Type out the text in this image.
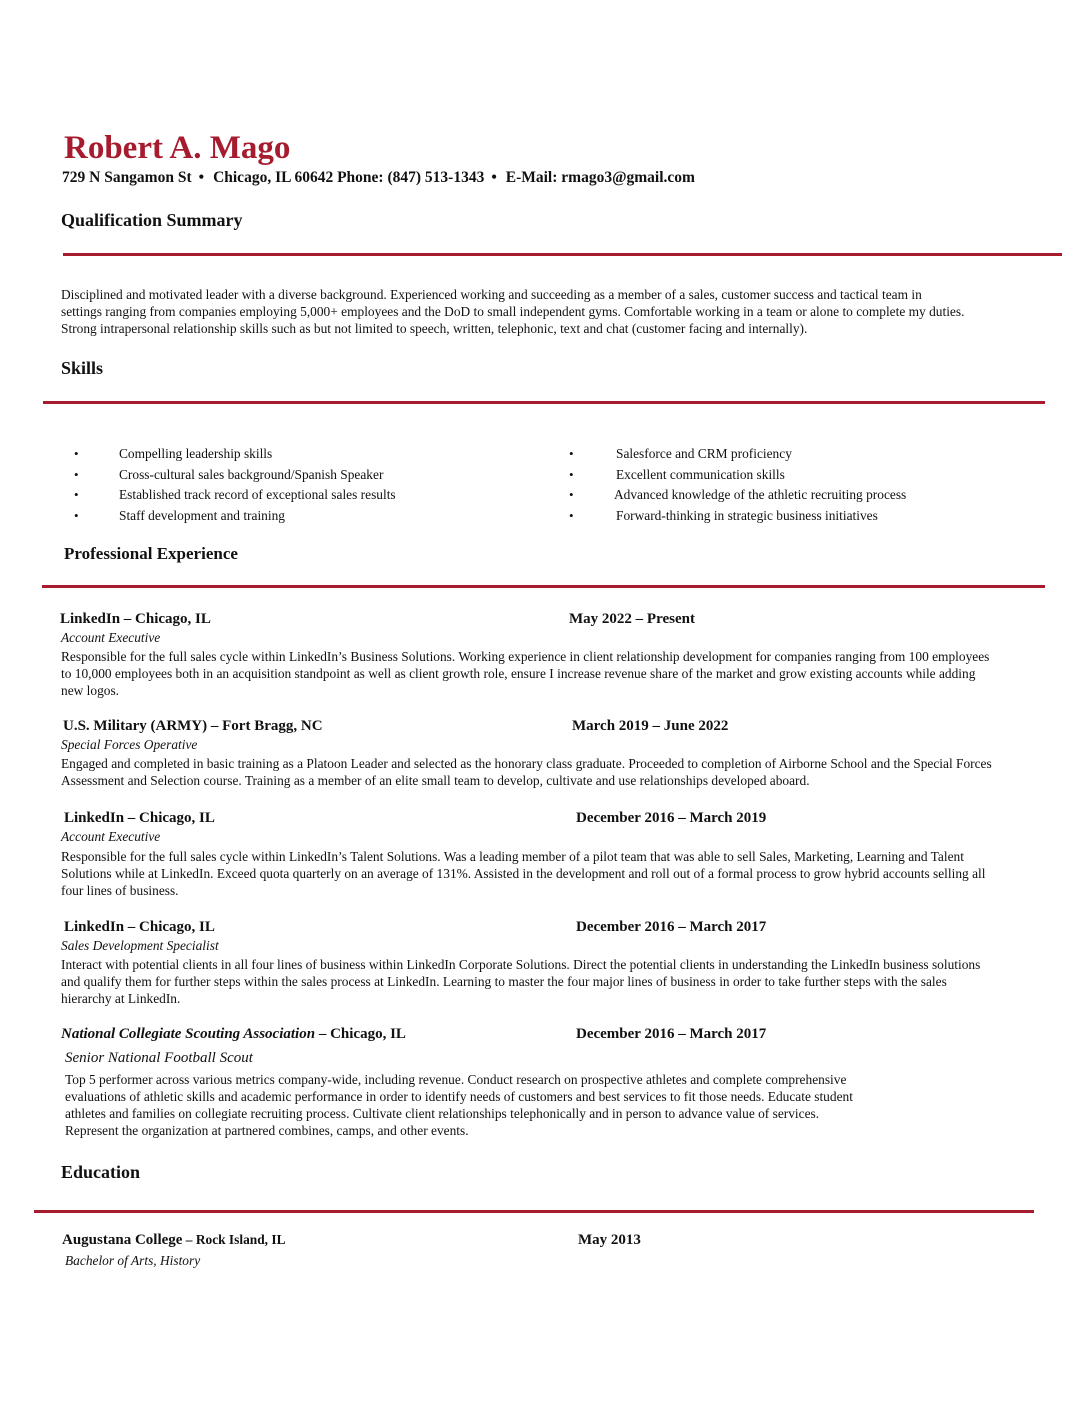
Robert A. Mago
729 N Sangamon St • Chicago, IL 60642 Phone: (847) 513-1343 • E-Mail: rmago3@gmail.com
Qualification Summary
Disciplined and motivated leader with a diverse background. Experienced working and succeeding as a member of a sales, customer success and tactical team in
settings ranging from companies employing 5,000+ employees and the DoD to small independent gyms. Comfortable working in a team or alone to complete my duties.
Strong intrapersonal relationship skills such as but not limited to speech, written, telephonic, text and chat (customer facing and internally).
Skills
•	Compelling leadership skills
•	Cross-cultural sales background/Spanish Speaker
•	Established track record of exceptional sales results
•	Staff development and training
•	Salesforce and CRM proficiency
•	Excellent communication skills
•	Advanced knowledge of the athletic recruiting process
•	Forward-thinking in strategic business initiatives
Professional Experience
LinkedIn – Chicago, IL	May 2022 – Present
Account Executive
Responsible for the full sales cycle within LinkedIn’s Business Solutions. Working experience in client relationship development for companies ranging from 100 employees
to 10,000 employees both in an acquisition standpoint as well as client growth role, ensure I increase revenue share of the market and grow existing accounts while adding
new logos.
U.S. Military (ARMY) – Fort Bragg, NC	March 2019 – June 2022
Special Forces Operative
Engaged and completed in basic training as a Platoon Leader and selected as the honorary class graduate. Proceeded to completion of Airborne School and the Special Forces
Assessment and Selection course. Training as a member of an elite small team to develop, cultivate and use relationships developed aboard.
LinkedIn – Chicago, IL	December 2016 – March 2019
Account Executive
Responsible for the full sales cycle within LinkedIn’s Talent Solutions. Was a leading member of a pilot team that was able to sell Sales, Marketing, Learning and Talent
Solutions while at LinkedIn. Exceed quota quarterly on an average of 131%. Assisted in the development and roll out of a formal process to grow hybrid accounts selling all
four lines of business.
LinkedIn – Chicago, IL	December 2016 – March 2017
Sales Development Specialist
Interact with potential clients in all four lines of business within LinkedIn Corporate Solutions. Direct the potential clients in understanding the LinkedIn business solutions
and qualify them for further steps within the sales process at LinkedIn. Learning to master the four major lines of business in order to take further steps with the sales
hierarchy at LinkedIn.
National Collegiate Scouting Association – Chicago, IL	December 2016 – March 2017
Senior National Football Scout
Top 5 performer across various metrics company-wide, including revenue. Conduct research on prospective athletes and complete comprehensive
evaluations of athletic skills and academic performance in order to identify needs of customers and best services to fit those needs. Educate student
athletes and families on collegiate recruiting process. Cultivate client relationships telephonically and in person to advance value of services.
Represent the organization at partnered combines, camps, and other events.
Education
Augustana College – Rock Island, IL	May 2013
Bachelor of Arts, History
